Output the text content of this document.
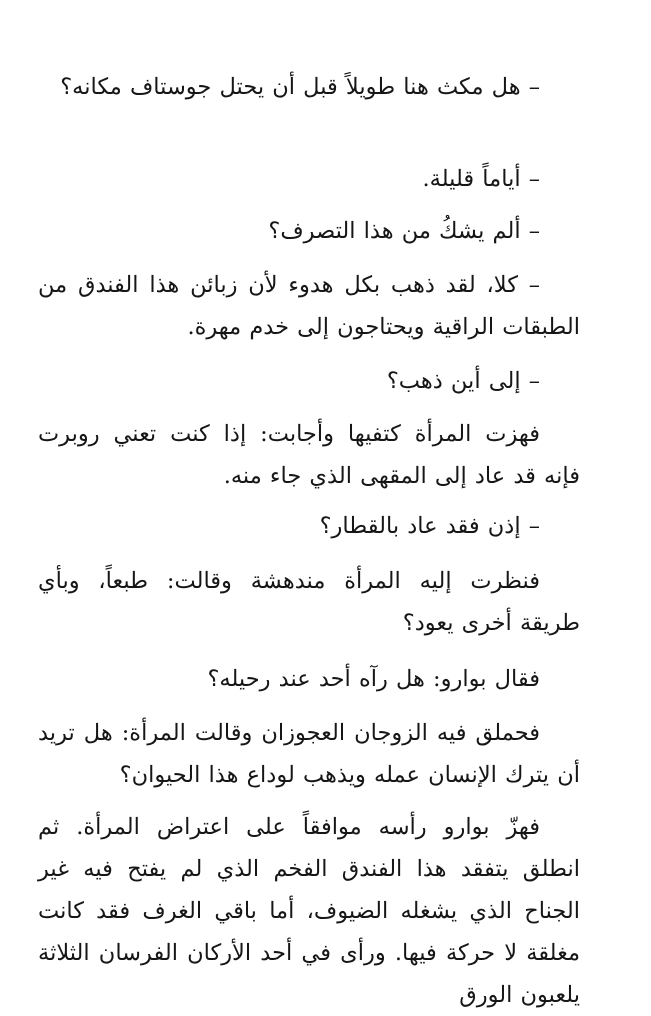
– هل مكث هنا طويلاً قبل أن يحتل جوستاف مكانه؟

– أياماً قليلة.

– ألم يشكُ من هذا التصرف؟

– كلا، لقد ذهب بكل هدوء لأن زبائن هذا الفندق من الطبقات الراقية ويحتاجون إلى خدم مهرة.

– إلى أين ذهب؟

فهزت المرأة كتفيها وأجابت: إذا كنت تعني روبرت فإنه قد عاد إلى المقهى الذي جاء منه.

– إذن فقد عاد بالقطار؟

فنظرت إليه المرأة مندهشة وقالت: طبعاً، وبأي طريقة أخرى يعود؟

فقال بوارو: هل رآه أحد عند رحيله؟

فحملق فيه الزوجان العجوزان وقالت المرأة: هل تريد أن يترك الإنسان عمله ويذهب لوداع هذا الحيوان؟

فهزّ بوارو رأسه موافقاً على اعتراض المرأة. ثم انطلق يتفقد هذا الفندق الفخم الذي لم يفتح فيه غير الجناح الذي يشغله الضيوف، أما باقي الغرف فقد كانت مغلقة لا حركة فيها. ورأى في أحد الأركان الفرسان الثلاثة يلعبون الورق
